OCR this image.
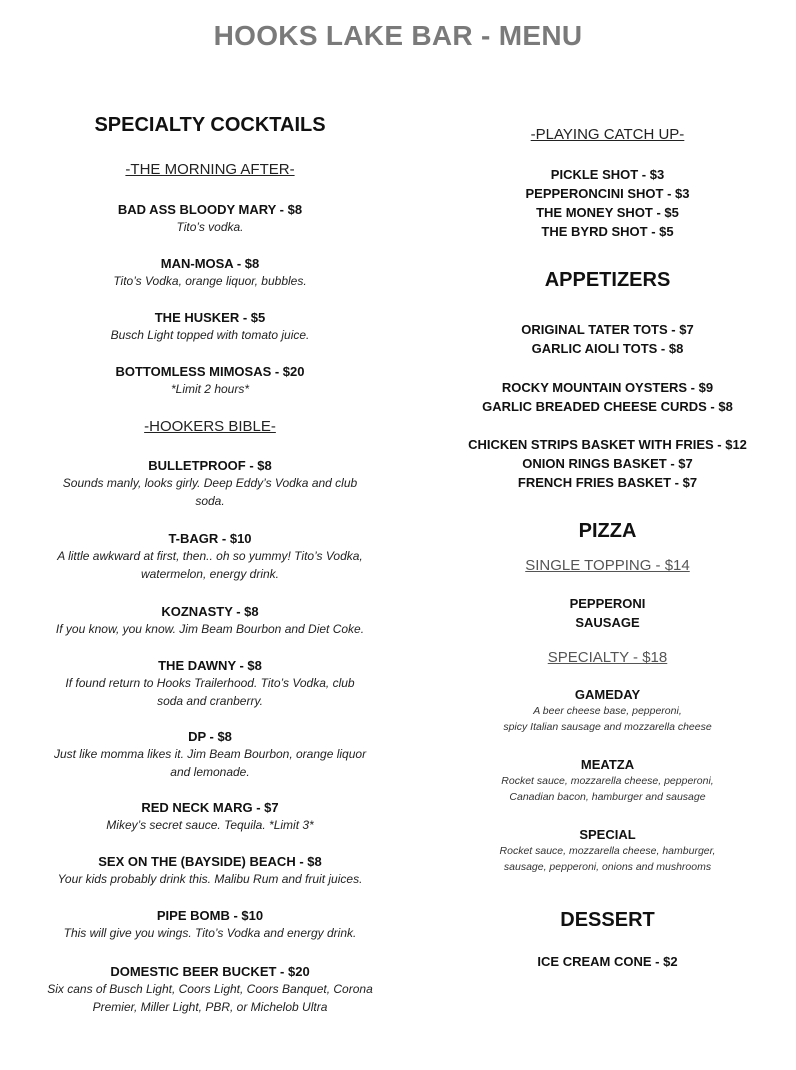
HOOKS LAKE BAR - MENU

SPECIALTY COCKTAILS

-THE MORNING AFTER-

BAD ASS BLOODY MARY - $8

Tito’s vodka.

MAN-MOSA - $8

Tito’s Vodka, orange liquor, bubbles.

THE HUSKER - $5

Busch Light topped with tomato juice.

BOTTOMLESS MIMOSAS - $20

*Limit 2 hours*

-HOOKERS BIBLE-

BULLETPROOF - $8

Sounds manly, looks girly. Deep Eddy’s Vodka and club

soda.

T-BAGR - $10

A little awkward at first, then.. oh so yummy! Tito’s Vodka,

watermelon, energy drink.

KOZNASTY - $8

If you know, you know. Jim Beam Bourbon and Diet Coke.

THE DAWNY - $8

If found return to Hooks Trailerhood. Tito’s Vodka, club

soda and cranberry.

DP - $8

Just like momma likes it. Jim Beam Bourbon, orange liquor

and lemonade.

RED NECK MARG - $7

Mikey’s secret sauce. Tequila. *Limit 3*

SEX ON THE (BAYSIDE) BEACH - $8

Your kids probably drink this. Malibu Rum and fruit juices.

PIPE BOMB - $10

This will give you wings. Tito’s Vodka and energy drink.

DOMESTIC BEER BUCKET - $20

Six cans of Busch Light, Coors Light, Coors Banquet, Corona

Premier, Miller Light, PBR, or Michelob Ultra

-PLAYING CATCH UP-

PICKLE SHOT - $3

PEPPERONCINI SHOT - $3

THE MONEY SHOT - $5

THE BYRD SHOT - $5

APPETIZERS

ORIGINAL TATER TOTS - $7

GARLIC AIOLI TOTS - $8

ROCKY MOUNTAIN OYSTERS - $9

GARLIC BREADED CHEESE CURDS - $8

CHICKEN STRIPS BASKET WITH FRIES - $12

ONION RINGS BASKET - $7

FRENCH FRIES BASKET - $7

PIZZA

SINGLE TOPPING - $14

PEPPERONI

SAUSAGE

SPECIALTY - $18

GAMEDAY

A beer cheese base, pepperoni,

spicy Italian sausage and mozzarella cheese

MEATZA

Rocket sauce, mozzarella cheese, pepperoni,

Canadian bacon, hamburger and sausage

SPECIAL

Rocket sauce, mozzarella cheese, hamburger,

sausage, pepperoni, onions and mushrooms

DESSERT

ICE CREAM CONE - $2
